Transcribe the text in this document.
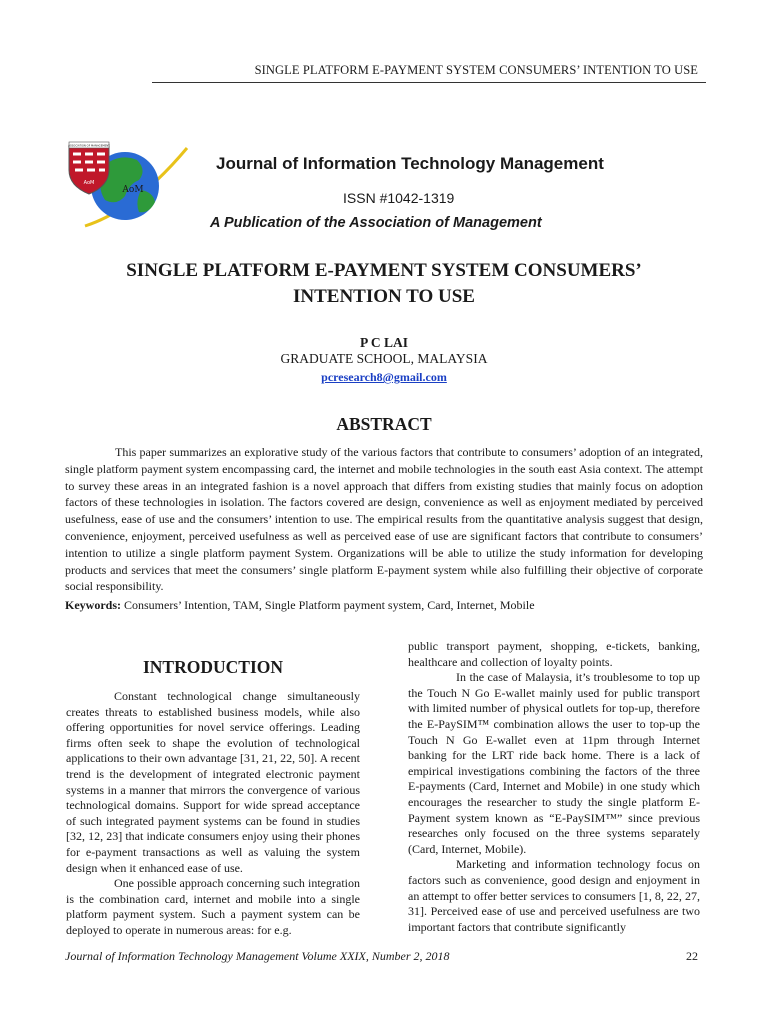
SINGLE PLATFORM E-PAYMENT SYSTEM CONSUMERS’ INTENTION TO USE
ASSOCIATION OF MANAGEMENT
AoM
AoM
Journal of Information Technology Management
ISSN #1042-1319
A Publication of the Association of Management
SINGLE PLATFORM E-PAYMENT SYSTEM CONSUMERS’ INTENTION TO USE
P C LAI
GRADUATE SCHOOL, MALAYSIA
pcresearch8@gmail.com
ABSTRACT
This paper summarizes an explorative study of the various factors that contribute to consumers’ adoption of an integrated, single platform payment system encompassing card, the internet and mobile technologies in the south east Asia context. The attempt to survey these areas in an integrated fashion is a novel approach that differs from existing studies that mainly focus on adoption factors of these technologies in isolation. The factors covered are design, convenience as well as enjoyment mediated by perceived usefulness, ease of use and the consumers’ intention to use. The empirical results from the quantitative analysis suggest that design, convenience, enjoyment, perceived usefulness as well as perceived ease of use are significant factors that contribute to consumers’ intention to utilize a single platform payment System. Organizations will be able to utilize the study information for developing products and services that meet the consumers’ single platform E-payment system while also fulfilling their objective of corporate social responsibility.
Keywords: Consumers’ Intention, TAM, Single Platform payment system, Card, Internet, Mobile
INTRODUCTION

Constant technological change simultaneously creates threats to established business models, while also offering opportunities for novel service offerings. Leading firms often seek to shape the evolution of technological applications to their own advantage [31, 21, 22, 50]. A recent trend is the development of integrated electronic payment systems in a manner that mirrors the convergence of various technological domains. Support for wide spread acceptance of such integrated payment systems can be found in studies [32, 12, 23] that indicate consumers enjoy using their phones for e-payment transactions as well as valuing the system design when it enhanced ease of use.

One possible approach concerning such integration is the combination card, internet and mobile into a single platform payment system. Such a payment system can be deployed to operate in numerous areas: for e.g.

public transport payment, shopping, e-tickets, banking, healthcare and collection of loyalty points.

In the case of Malaysia, it’s troublesome to top up the Touch N Go E-wallet mainly used for public transport with limited number of physical outlets for top-up, therefore the E-PaySIM™ combination allows the user to top-up the Touch N Go E-wallet even at 11pm through Internet banking for the LRT ride back home. There is a lack of empirical investigations combining the factors of the three E-payments (Card, Internet and Mobile) in one study which encourages the researcher to study the single platform E-Payment system known as “E-PaySIM™” since previous researches only focused on the three systems separately (Card, Internet, Mobile).

Marketing and information technology focus on factors such as convenience, good design and enjoyment in an attempt to offer better services to consumers [1, 8, 22, 27, 31]. Perceived ease of use and perceived usefulness are two important factors that contribute significantly

Journal of Information Technology Management Volume XXIX, Number 2, 2018	22
